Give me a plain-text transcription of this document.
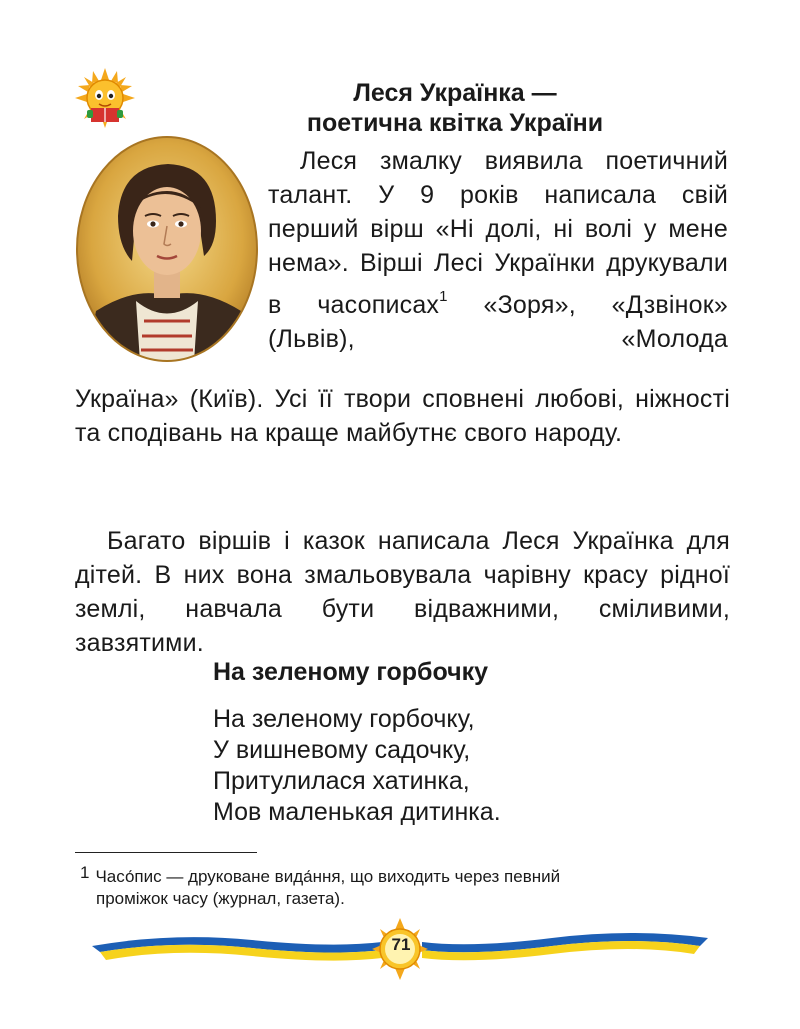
Леся Українка —
поетична квітка України
Леся змалку виявила поетичний талант. У 9 років написала свій перший вірш «Ні долі, ні волі у мене нема». Вірші Лесі Українки друкували в часописах$^1$ «Зоря», «Дзвінок» (Львів), «Молода
Україна» (Київ). Усі її твори сповнені любові, ніжності та сподівань на краще майбутнє свого народу.
Багато віршів і казок написала Леся Українка для дітей. В них вона змальовувала чарівну красу рідної землі, навчала бути відважними, сміливими, завзятими.
На зеленому горбочку
На зеленому горбочку,
У вишневому садочку,
Притулилася хатинка,
Мов маленькая дитинка.
1 Часо́пис — друковане вида́ння, що виходить через певний
проміжок часу (журнал, газета).
71
